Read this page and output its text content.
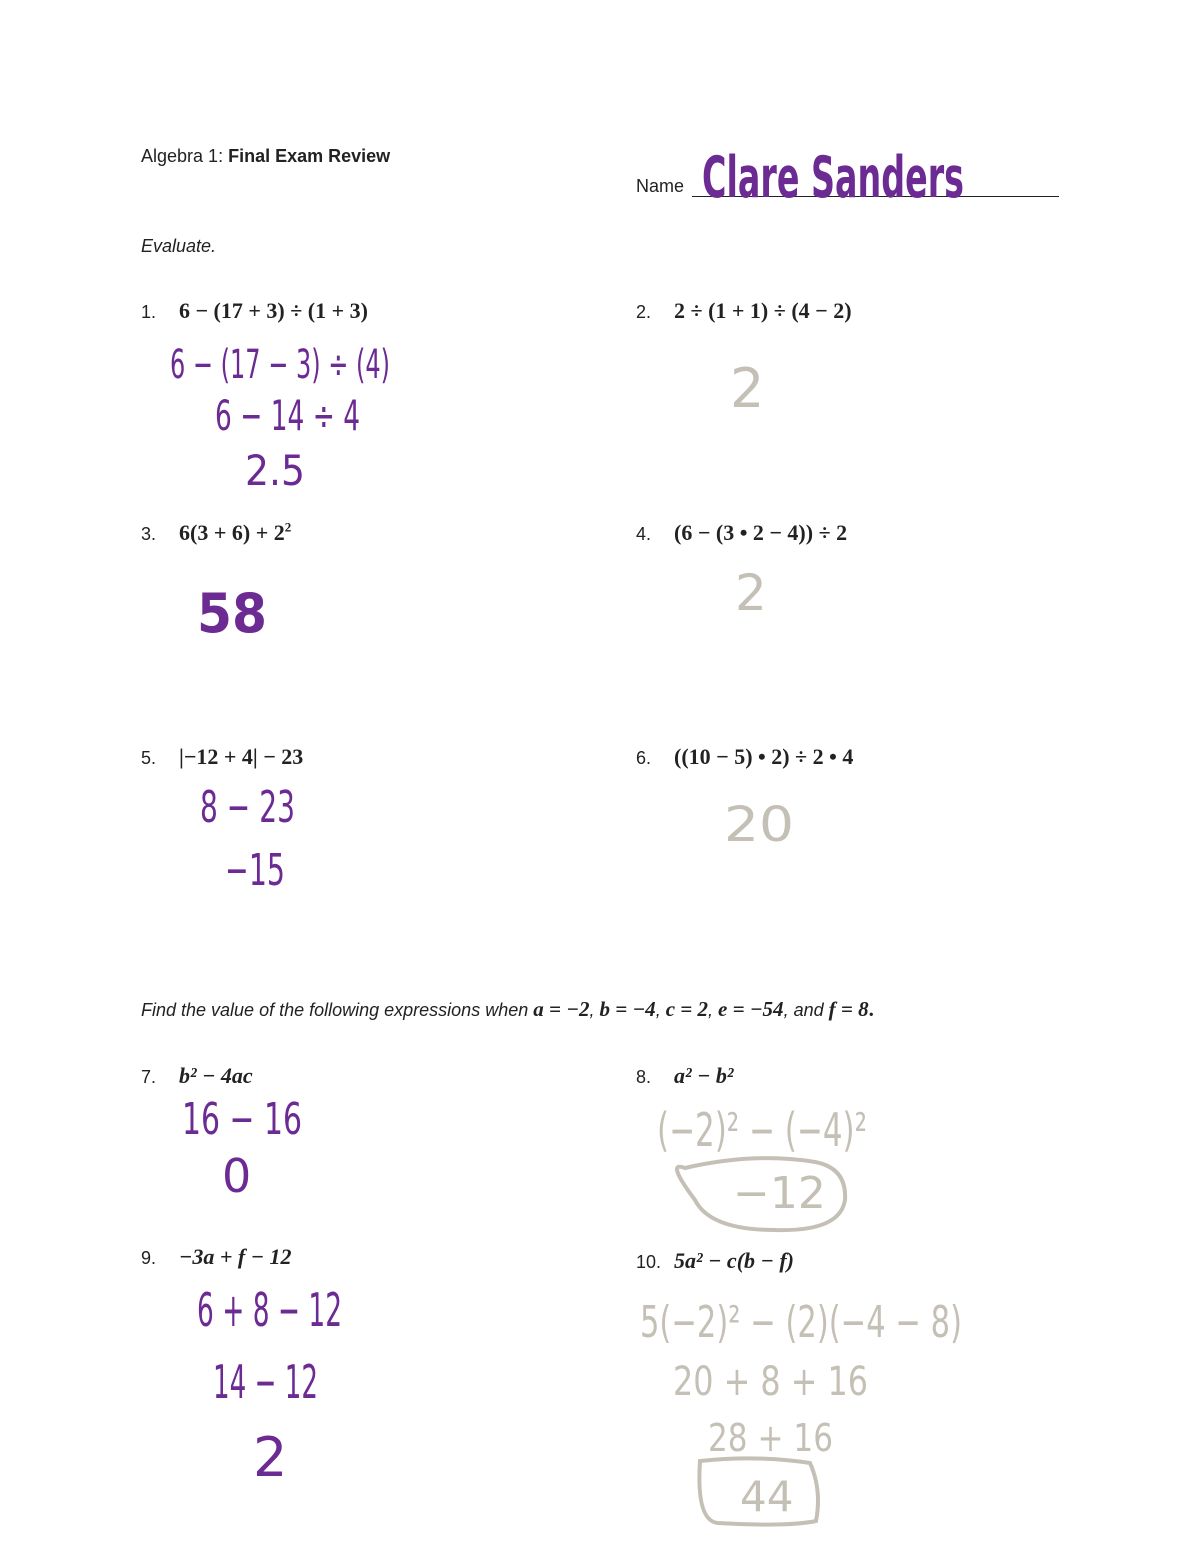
Algebra 1: Final Exam Review
Name Clare Sanders
Evaluate.
1. 6 − (17 + 3) ÷ (1 + 3)
6 − (17 − 3) ÷ (4)
6 − 14 ÷ 4
2.5
2. 2 ÷ (1 + 1) ÷ (4 − 2)
2
3. $6(3 + 6) + 2^2$
58
4. (6 − (3 • 2 − 4)) ÷ 2
2
5. |−12 + 4| − 23
8 − 23
−15
6. ((10 − 5) • 2) ÷ 2 • 4
20
Find the value of the following expressions when a = −2, b = −4, c = 2, e = −54, and f = 8.
7. b² − 4ac
16 − 16
0
8. a² − b²
(−2)² − (−4)²
−12
9. −3a + f − 12
6 + 8 − 12
14 − 12
2
10. 5a² − c(b − f)
5(−2)² − (2)(−4 − 8)
20 + 8 + 16
28 + 16
44
